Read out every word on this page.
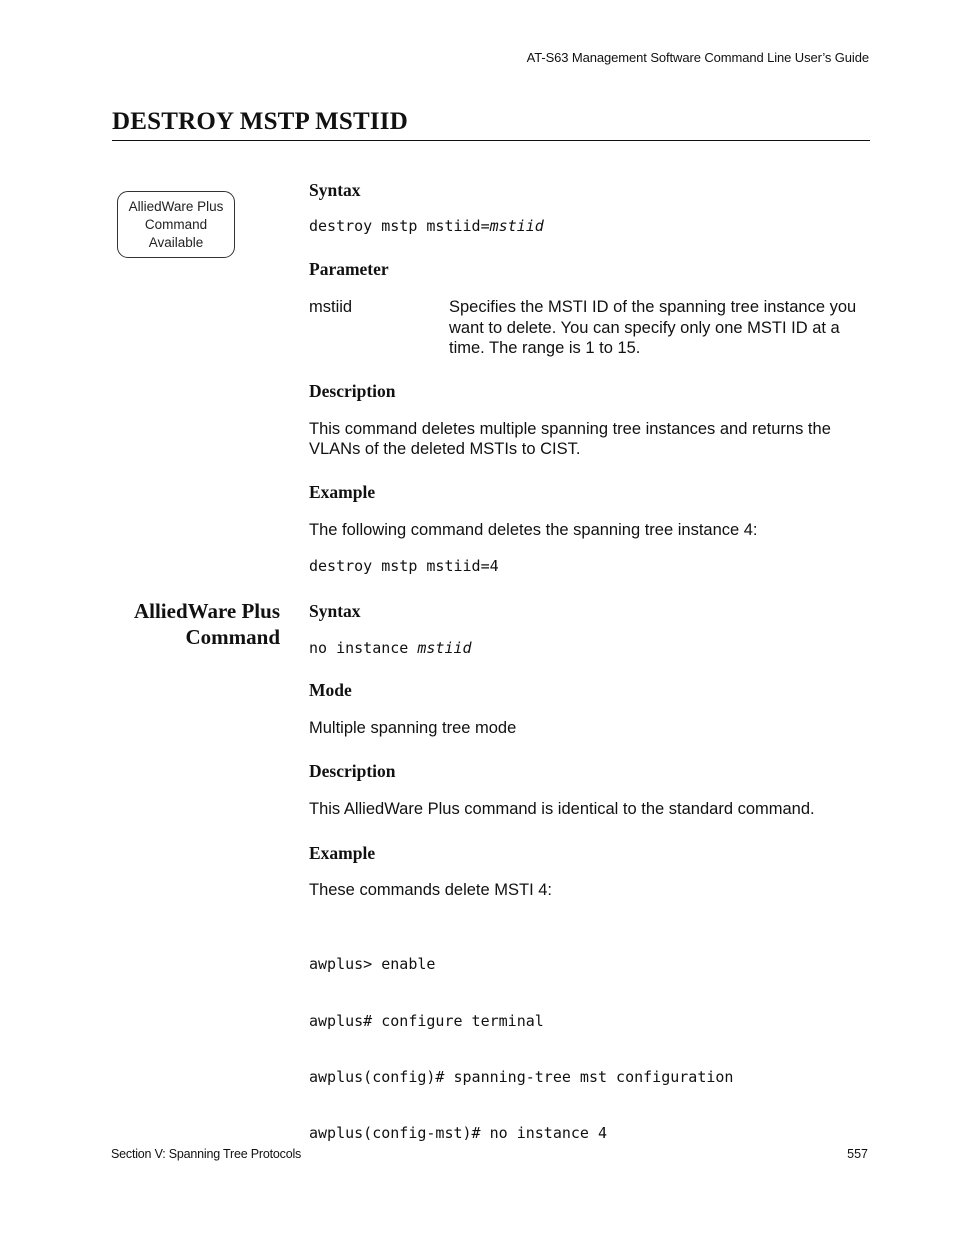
AT-S63 Management Software Command Line User’s Guide
DESTROY MSTP MSTIID
AlliedWare Plus
Command
Available
Syntax
destroy mstp mstiid=mstiid
Parameter
mstiid	Specifies the MSTI ID of the spanning tree instance you want to delete. You can specify only one MSTI ID at a time. The range is 1 to 15.

Description

This command deletes multiple spanning tree instances and returns the VLANs of the deleted MSTIs to CIST.

Example

The following command deletes the spanning tree instance 4:

destroy mstp mstiid=4
AlliedWare Plus
Command
Syntax
no instance mstiid
Mode

Multiple spanning tree mode

Description

This AlliedWare Plus command is identical to the standard command.

Example

These commands delete MSTI 4:

awplus> enable

awplus# configure terminal

awplus(config)# spanning-tree mst configuration

awplus(config-mst)# no instance 4

Section V: Spanning Tree Protocols	557
